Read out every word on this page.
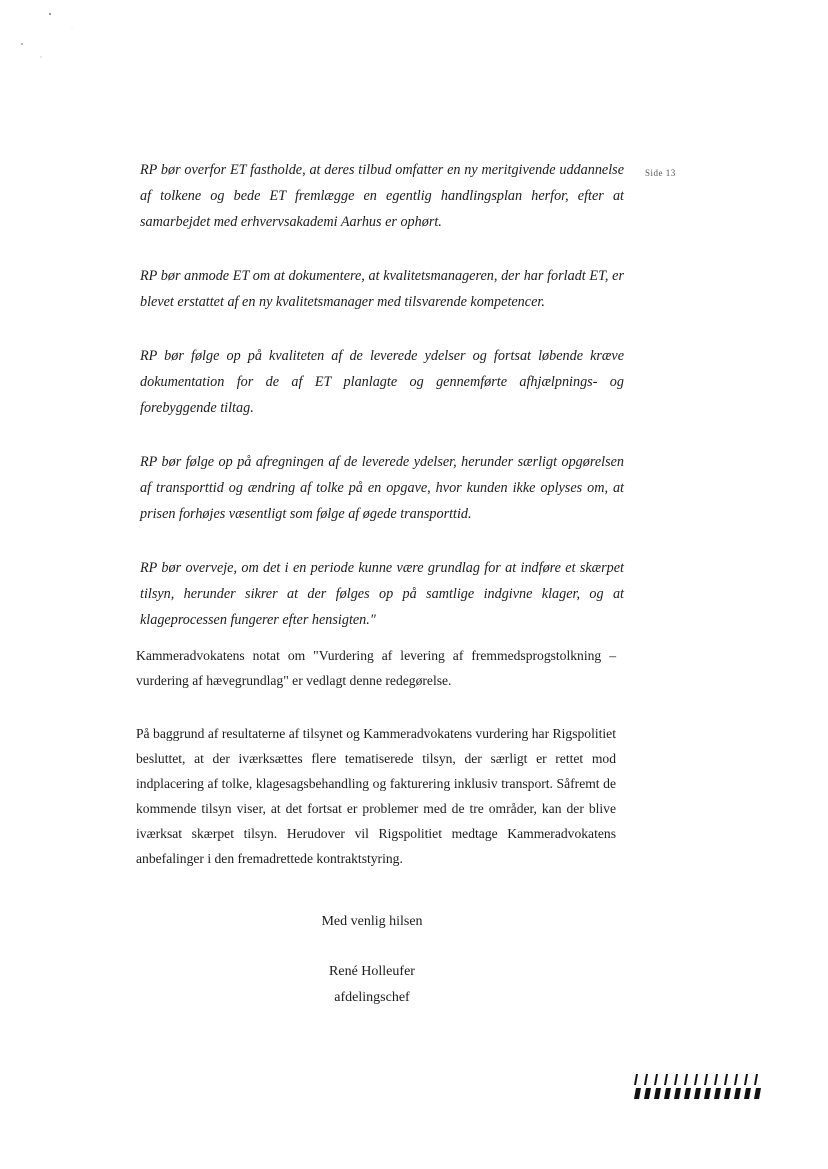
Side 13

RP bør overfor ET fastholde, at deres tilbud omfatter en ny meritgivende uddannelse af tolkene og bede ET fremlægge en egentlig handlingsplan herfor, efter at samarbejdet med erhvervsakademi Aarhus er ophørt.

RP bør anmode ET om at dokumentere, at kvalitetsmanageren, der har forladt ET, er blevet erstattet af en ny kvalitetsmanager med tilsvarende kompetencer.

RP bør følge op på kvaliteten af de leverede ydelser og fortsat løbende kræve dokumentation for de af ET planlagte og gennemførte afhjælpnings- og forebyggende tiltag.

RP bør følge op på afregningen af de leverede ydelser, herunder særligt opgørelsen af transporttid og ændring af tolke på en opgave, hvor kunden ikke oplyses om, at prisen forhøjes væsentligt som følge af øgede transporttid.

RP bør overveje, om det i en periode kunne være grundlag for at indføre et skærpet tilsyn, herunder sikrer at der følges op på samtlige indgivne klager, og at klageprocessen fungerer efter hensigten."

Kammeradvokatens notat om "Vurdering af levering af fremmedsprogstolkning – vurdering af hævegrundlag" er vedlagt denne redegørelse.

På baggrund af resultaterne af tilsynet og Kammeradvokatens vurdering har Rigspolitiet besluttet, at der iværksættes flere tematiserede tilsyn, der særligt er rettet mod indplacering af tolke, klagesagsbehandling og fakturering inklusiv transport. Såfremt de kommende tilsyn viser, at det fortsat er problemer med de tre områder, kan der blive iværksat skærpet tilsyn. Herudover vil Rigspolitiet medtage Kammeradvokatens anbefalinger i den fremadrettede kontraktstyring.

Med venlig hilsen
René Holleufer
afdelingschef
